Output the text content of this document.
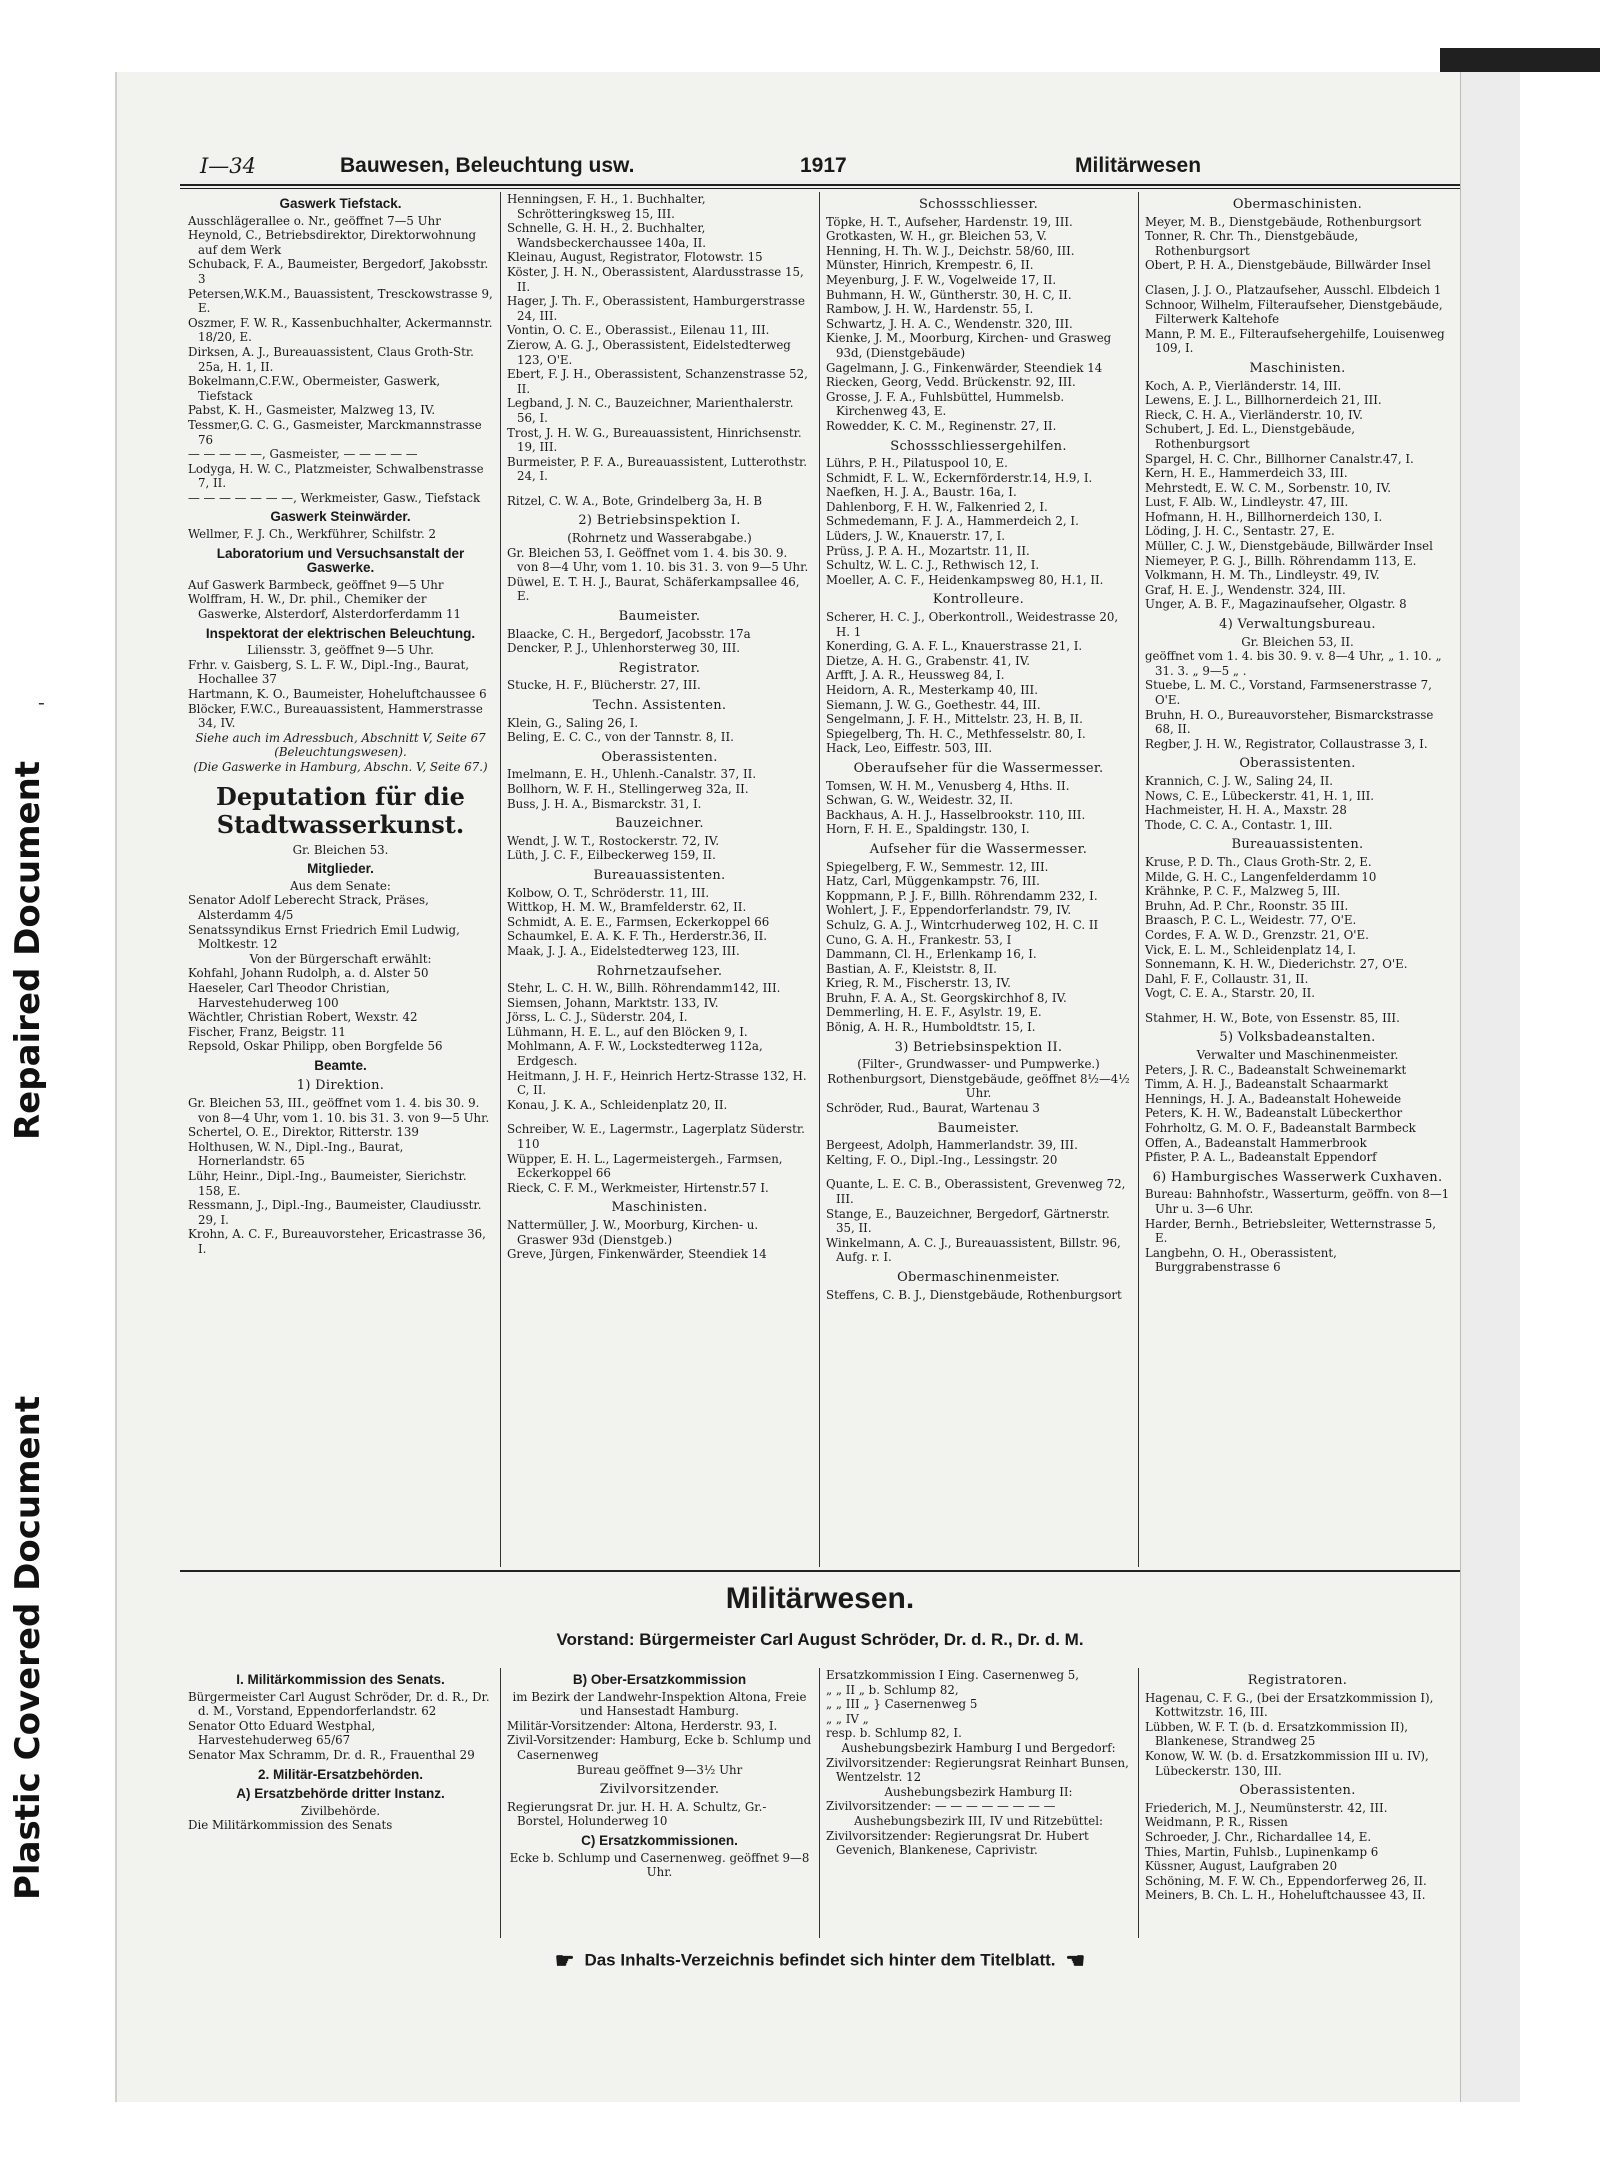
Repaired Document
Plastic Covered Document
-
I—34	Bauwesen, Beleuchtung usw.	1917	Militärwesen
Gaswerk Tiefstack.
Ausschlägerallee o. Nr., geöffnet 7—5 Uhr
Heynold, C., Betriebsdirektor, Direktorwohnung auf dem Werk
Schuback, F. A., Baumeister, Bergedorf, Jakobsstr. 3
Petersen,W.K.M., Bauassistent, Tresckowstrasse 9, E.
Oszmer, F. W. R., Kassenbuchhalter, Ackermannstr. 18/20, E.
Dirksen, A. J., Bureauassistent, Claus Groth-Str. 25a, H. 1, II.
Bokelmann,C.F.W., Obermeister, Gaswerk, Tiefstack
Pabst, K. H., Gasmeister, Malzweg 13, IV.
Tessmer,G. C. G., Gasmeister, Marckmannstrasse 76
— — — — —, Gasmeister, — — — — —
Lodyga, H. W. C., Platzmeister, Schwalbenstrasse 7, II.
— — — — — — —, Werkmeister, Gasw., Tiefstack
Gaswerk Steinwärder.
Wellmer, F. J. Ch., Werkführer, Schilfstr. 2
Laboratorium und Versuchsanstalt der Gaswerke.
Auf Gaswerk Barmbeck, geöffnet 9—5 Uhr
Wolffram, H. W., Dr. phil., Chemiker der Gaswerke, Alsterdorf, Alsterdorferdamm 11
Inspektorat der elektrischen Beleuchtung.
Liliensstr. 3, geöffnet 9—5 Uhr.
Frhr. v. Gaisberg, S. L. F. W., Dipl.-Ing., Baurat, Hochallee 37
Hartmann, K. O., Baumeister, Hoheluftchaussee 6
Blöcker, F.W.C., Bureauassistent, Hammerstrasse 34, IV.
Siehe auch im Adressbuch, Abschnitt V, Seite 67 (Beleuchtungswesen).
(Die Gaswerke in Hamburg, Abschn. V, Seite 67.)
Deputation für die Stadtwasserkunst.
Gr. Bleichen 53.
Mitglieder.
Aus dem Senate:
Senator Adolf Leberecht Strack, Präses, Alsterdamm 4/5
Senatssyndikus Ernst Friedrich Emil Ludwig, Moltkestr. 12
Von der Bürgerschaft erwählt:
Kohfahl, Johann Rudolph, a. d. Alster 50
Haeseler, Carl Theodor Christian, Harvestehuderweg 100
Wächtler, Christian Robert, Wexstr. 42
Fischer, Franz, Beigstr. 11
Repsold, Oskar Philipp, oben Borgfelde 56
Beamte.
1) Direktion.
Gr. Bleichen 53, III., geöffnet vom 1. 4. bis 30. 9. von 8—4 Uhr, vom 1. 10. bis 31. 3. von 9—5 Uhr.
Schertel, O. E., Direktor, Ritterstr. 139
Holthusen, W. N., Dipl.-Ing., Baurat, Hornerlandstr. 65
Lühr, Heinr., Dipl.-Ing., Baumeister, Sierichstr. 158, E.
Ressmann, J., Dipl.-Ing., Baumeister, Claudiusstr. 29, I.
Krohn, A. C. F., Bureauvorsteher, Ericastrasse 36, I.
Henningsen, F. H., 1. Buchhalter, Schrötteringksweg 15, III.
Schnelle, G. H. H., 2. Buchhalter, Wandsbeckerchaussee 140a, II.
Kleinau, August, Registrator, Flotowstr. 15
Köster, J. H. N., Oberassistent, Alardusstrasse 15, II.
Hager, J. Th. F., Oberassistent, Hamburgerstrasse 24, III.
Vontin, O. C. E., Oberassist., Eilenau 11, III.
Zierow, A. G. J., Oberassistent, Eidelstedterweg 123, O'E.
Ebert, F. J. H., Oberassistent, Schanzenstrasse 52, II.
Legband, J. N. C., Bauzeichner, Marienthalerstr. 56, I.
Trost, J. H. W. G., Bureauassistent, Hinrichsenstr. 19, III.
Burmeister, P. F. A., Bureauassistent, Lutterothstr. 24, I.
Ritzel, C. W. A., Bote, Grindelberg 3a, H. B
2) Betriebsinspektion I.
(Rohrnetz und Wasserabgabe.)
Gr. Bleichen 53, I. Geöffnet vom 1. 4. bis 30. 9. von 8—4 Uhr, vom 1. 10. bis 31. 3. von 9—5 Uhr.
Düwel, E. T. H. J., Baurat, Schäferkampsallee 46, E.
Baumeister.
Blaacke, C. H., Bergedorf, Jacobsstr. 17a
Dencker, P. J., Uhlenhorsterweg 30, III.
Registrator.
Stucke, H. F., Blücherstr. 27, III.
Techn. Assistenten.
Klein, G., Saling 26, I.
Beling, E. C. C., von der Tannstr. 8, II.
Oberassistenten.
Imelmann, E. H., Uhlenh.-Canalstr. 37, II.
Bollhorn, W. F. H., Stellingerweg 32a, II.
Buss, J. H. A., Bismarckstr. 31, I.
Bauzeichner.
Wendt, J. W. T., Rostockerstr. 72, IV.
Lüth, J. C. F., Eilbeckerweg 159, II.
Bureauassistenten.
Kolbow, O. T., Schröderstr. 11, III.
Wittkop, H. M. W., Bramfelderstr. 62, II.
Schmidt, A. E. E., Farmsen, Eckerkoppel 66
Schaumkel, E. A. K. F. Th., Herderstr.36, II.
Maak, J. J. A., Eidelstedterweg 123, III.
Rohrnetzaufseher.
Stehr, L. C. H. W., Billh. Röhrendamm142, III.
Siemsen, Johann, Marktstr. 133, IV.
Jörss, L. C. J., Süderstr. 204, I.
Lühmann, H. E. L., auf den Blöcken 9, I.
Mohlmann, A. F. W., Lockstedterweg 112a, Erdgesch.
Heitmann, J. H. F., Heinrich Hertz-Strasse 132, H. C, II.
Konau, J. K. A., Schleidenplatz 20, II.
Schreiber, W. E., Lagermstr., Lagerplatz Süderstr. 110
Wüpper, E. H. L., Lagermeistergeh., Farmsen, Eckerkoppel 66
Rieck, C. F. M., Werkmeister, Hirtenstr.57 I.
Maschinisten.
Nattermüller, J. W., Moorburg, Kirchen- u. Graswег 93d (Dienstgeb.)
Greve, Jürgen, Finkenwärder, Steendiek 14
Schossschliesser.
Töpke, H. T., Aufseher, Hardenstr. 19, III.
Grotkasten, W. H., gr. Bleichen 53, V.
Henning, H. Th. W. J., Deichstr. 58/60, III.
Münster, Hinrich, Krempestr. 6, II.
Meyenburg, J. F. W., Vogelweide 17, II.
Buhmann, H. W., Güntherstr. 30, H. C, II.
Rambow, J. H. W., Hardenstr. 55, I.
Schwartz, J. H. A. C., Wendenstr. 320, III.
Kienke, J. M., Moorburg, Kirchen- und Grasweg 93d, (Dienstgebäude)
Gagelmann, J. G., Finkenwärder, Steendiek 14
Riecken, Georg, Vedd. Brückenstr. 92, III.
Grosse, J. F. A., Fuhlsbüttel, Hummelsb. Kirchenweg 43, E.
Rowedder, K. C. M., Reginenstr. 27, II.
Schossschliessergehilfen.
Lührs, P. H., Pilatuspool 10, E.
Schmidt, F. L. W., Eckernförderstr.14, H.9, I.
Naefken, H. J. A., Baustr. 16a, I.
Dahlenborg, F. H. W., Falkenried 2, I.
Schmedemann, F. J. A., Hammerdeich 2, I.
Lüders, J. W., Knauerstr. 17, I.
Prüss, J. P. A. H., Mozartstr. 11, II.
Schultz, W. L. C. J., Rethwisch 12, I.
Moeller, A. C. F., Heidenkampsweg 80, H.1, II.
Kontrolleure.
Scherer, H. C. J., Oberkontroll., Weidestrasse 20, H. 1
Konerding, G. A. F. L., Knauerstrasse 21, I.
Dietze, A. H. G., Grabenstr. 41, IV.
Arfft, J. A. R., Heussweg 84, I.
Heidorn, A. R., Mesterkamp 40, III.
Siemann, J. W. G., Goethestr. 44, III.
Sengelmann, J. F. H., Mittelstr. 23, H. B, II.
Spiegelberg, Th. H. C., Methfesselstr. 80, I.
Hack, Leo, Eiffestr. 503, III.
Oberaufseher für die Wassermesser.
Tomsen, W. H. M., Venusberg 4, Hths. II.
Schwan, G. W., Weidestr. 32, II.
Backhaus, A. H. J., Hasselbrookstr. 110, III.
Horn, F. H. E., Spaldingstr. 130, I.
Aufseher für die Wassermesser.
Spiegelberg, F. W., Semmestr. 12, III.
Hatz, Carl, Müggenkampstr. 76, III.
Koppmann, P. J. F., Billh. Röhrendamm 232, I.
Wohlert, J. F., Eppendorferlandstr. 79, IV.
Schulz, G. A. J., Wintcrhuderweg 102, H. C. II
Cuno, G. A. H., Frankestr. 53, I
Dammann, Cl. H., Erlenkamp 16, I.
Bastian, A. F., Kleiststr. 8, II.
Krieg, R. M., Fischerstr. 13, IV.
Bruhn, F. A. A., St. Georgskirchhof 8, IV.
Demmerling, H. E. F., Asylstr. 19, E.
Bönig, A. H. R., Humboldtstr. 15, I.
3) Betriebsinspektion II.
(Filter-, Grundwasser- und Pumpwerke.)
Rothenburgsort, Dienstgebäude, geöffnet 8½—4½ Uhr.
Schröder, Rud., Baurat, Wartenau 3
Baumeister.
Bergeest, Adolph, Hammerlandstr. 39, III.
Kelting, F. O., Dipl.-Ing., Lessingstr. 20
Quante, L. E. C. B., Oberassistent, Grevenweg 72, III.
Stange, E., Bauzeichner, Bergedorf, Gärtnerstr. 35, II.
Winkelmann, A. C. J., Bureauassistent, Billstr. 96, Aufg. r. I.
Obermaschinenmeister.
Steffens, C. B. J., Dienstgebäude, Rothenburgsort
Obermaschinisten.
Meyer, M. B., Dienstgebäude, Rothenburgsort
Tonner, R. Chr. Th., Dienstgebäude, Rothenburgsort
Obert, P. H. A., Dienstgebäude, Billwärder Insel
Clasen, J. J. O., Platzaufseher, Ausschl. Elbdeich 1
Schnoor, Wilhelm, Filteraufseher, Dienstgebäude, Filterwerk Kaltehofe
Mann, P. M. E., Filteraufsehergehilfe, Louisenweg 109, I.
Maschinisten.
Koch, A. P., Vierländerstr. 14, III.
Lewens, E. J. L., Billhornerdeich 21, III.
Rieck, C. H. A., Vierländerstr. 10, IV.
Schubert, J. Ed. L., Dienstgebäude, Rothenburgsort
Spargel, H. C. Chr., Billhorner Canalstr.47, I.
Kern, H. E., Hammerdeich 33, III.
Mehrstedt, E. W. C. M., Sorbenstr. 10, IV.
Lust, F. Alb. W., Lindleystr. 47, III.
Hofmann, H. H., Billhornerdeich 130, I.
Löding, J. H. C., Sentastr. 27, E.
Müller, C. J. W., Dienstgebäude, Billwärder Insel
Niemeyer, P. G. J., Billh. Röhrendamm 113, E.
Volkmann, H. M. Th., Lindleystr. 49, IV.
Graf, H. E. J., Wendenstr. 324, III.
Unger, A. B. F., Magazinaufseher, Olgastr. 8
4) Verwaltungsbureau.
Gr. Bleichen 53, II.
geöffnet vom 1. 4. bis 30. 9. v. 8—4 Uhr, „ 1. 10. „ 31. 3. „ 9—5 „ .
Stuebe, L. M. C., Vorstand, Farmsenerstrasse 7, O'E.
Bruhn, H. O., Bureauvorsteher, Bismarckstrasse 68, II.
Regber, J. H. W., Registrator, Collaustrasse 3, I.
Oberassistenten.
Krannich, C. J. W., Saling 24, II.
Nows, C. E., Lübeckerstr. 41, H. 1, III.
Hachmeister, H. H. A., Maxstr. 28
Thode, C. C. A., Contastr. 1, III.
Bureauassistenten.
Kruse, P. D. Th., Claus Groth-Str. 2, E.
Milde, G. H. C., Langenfelderdamm 10
Krähnke, P. C. F., Malzweg 5, III.
Bruhn, Ad. P. Chr., Roonstr. 35 III.
Braasch, P. C. L., Weidestr. 77, O'E.
Cordes, F. A. W. D., Grenzstr. 21, O'E.
Vick, E. L. M., Schleidenplatz 14, I.
Sonnemann, K. H. W., Diederichstr. 27, O'E.
Dahl, F. F., Collaustr. 31, II.
Vogt, C. E. A., Starstr. 20, II.
Stahmer, H. W., Bote, von Essenstr. 85, III.
5) Volksbadeanstalten.
Verwalter und Maschinenmeister.
Peters, J. R. C., Badeanstalt Schweinemarkt
Timm, A. H. J., Badeanstalt Schaarmarkt
Hennings, H. J. A., Badeanstalt Hoheweide
Peters, K. H. W., Badeanstalt Lübeckerthor
Fohrholtz, G. M. O. F., Badeanstalt Barmbeck
Offen, A., Badeanstalt Hammerbrook
Pfister, P. A. L., Badeanstalt Eppendorf
6) Hamburgisches Wasserwerk Cuxhaven.
Bureau: Bahnhofstr., Wasserturm, geöffn. von 8—1 Uhr u. 3—6 Uhr.
Harder, Bernh., Betriebsleiter, Wetternstrasse 5, E.
Langbehn, O. H., Oberassistent, Burggrabenstrasse 6
Militärwesen.
Vorstand: Bürgermeister Carl August Schröder, Dr. d. R., Dr. d. M.
I. Militärkommission des Senats.
Bürgermeister Carl August Schröder, Dr. d. R., Dr. d. M., Vorstand, Eppendorferlandstr. 62
Senator Otto Eduard Westphal, Harvestehuderweg 65/67
Senator Max Schramm, Dr. d. R., Frauenthal 29
2. Militär-Ersatzbehörden.
A) Ersatzbehörde dritter Instanz.
Zivilbehörde.
Die Militärkommission des Senats
B) Ober-Ersatzkommission
im Bezirk der Landwehr-Inspektion Altona, Freie und Hansestadt Hamburg.
Militär-Vorsitzender: Altona, Herderstr. 93, I.
Zivil-Vorsitzender: Hamburg, Ecke b. Schlump und Casernenweg
Bureau geöffnet 9—3½ Uhr
Zivilvorsitzender.
Regierungsrat Dr. jur. H. H. A. Schultz, Gr.-Borstel, Holunderweg 10
C) Ersatzkommissionen.
Ecke b. Schlump und Casernenweg. geöffnet 9—8 Uhr.
Ersatzkommission I Eing. Casernenweg 5,
„ „ II „ b. Schlump 82,
„ „ III „ } Casernenweg 5
„ „ IV „
resp. b. Schlump 82, I.
Aushebungsbezirk Hamburg I und Bergedorf:
Zivilvorsitzender: Regierungsrat Reinhart Bunsen, Wentzelstr. 12
Aushebungsbezirk Hamburg II:
Zivilvorsitzender: — — — — — — — —
Aushebungsbezirk III, IV und Ritzebüttel:
Zivilvorsitzender: Regierungsrat Dr. Hubert Gevenich, Blankenese, Caprivistr.
Registratoren.
Hagenau, C. F. G., (bei der Ersatzkommission I), Kottwitzstr. 16, III.
Lübben, W. F. T. (b. d. Ersatzkommission II), Blankenese, Strandweg 25
Konow, W. W. (b. d. Ersatzkommission III u. IV), Lübeckerstr. 130, III.
Oberassistenten.
Friederich, M. J., Neumünsterstr. 42, III.
Weidmann, P. R., Rissen
Schroeder, J. Chr., Richardallee 14, E.
Thies, Martin, Fuhlsb., Lupinenkamp 6
Küssner, August, Laufgraben 20
Schöning, M. F. W. Ch., Eppendorferweg 26, II.
Meiners, B. Ch. L. H., Hoheluftchaussee 43, II.
☛ Das Inhalts-Verzeichnis befindet sich hinter dem Titelblatt. ☚
